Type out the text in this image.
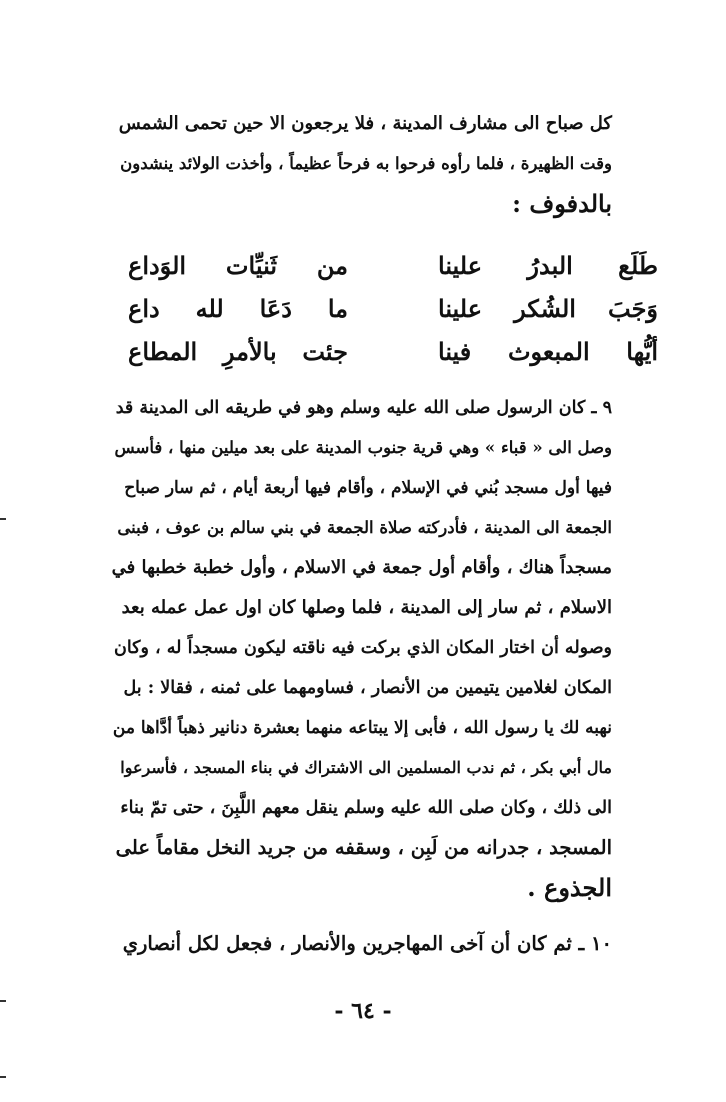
كل صباح الى مشارف المدينة ، فلا يرجعون الا حين تحمى الشمس
وقت الظهيرة ، فلما رأوه فرحوا به فرحاً عظيماً ، وأخذت الولائد ينشدون
بالدفوف :
طَلَع البدرُ علينا
من ثَنيِّات الوَداع
وَجَبَ الشُكر علينا
ما دَعَا لله داع
أيُّها المبعوث فينا
جئت بالأمرِ المطاع
٩ ـ كان الرسول صلى الله عليه وسلم وهو في طريقه الى المدينة قد
وصل الى « قباء » وهي قرية جنوب المدينة على بعد ميلين منها ، فأسس
فيها أول مسجد بُني في الإسلام ، وأقام فيها أربعة أيام ، ثم سار صباح
الجمعة الى المدينة ، فأدركته صلاة الجمعة في بني سالم بن عوف ، فبنى
مسجداً هناك ، وأقام أول جمعة في الاسلام ، وأول خطبة خطبها في
الاسلام ، ثم سار إلى المدينة ، فلما وصلها كان اول عمل عمله بعد
وصوله أن اختار المكان الذي بركت فيه ناقته ليكون مسجداً له ، وكان
المكان لغلامين يتيمين من الأنصار ، فساومهما على ثمنه ، فقالا : بل
نهبه لك يا رسول الله ، فأبى إلا يبتاعه منهما بعشرة دنانير ذهباً أدَّاها من
مال أبي بكر ، ثم ندب المسلمين الى الاشتراك في بناء المسجد ، فأسرعوا
الى ذلك ، وكان صلى الله عليه وسلم ينقل معهم اللَّبِنَ ، حتى تمّ بناء
المسجد ، جدرانه من لَبِن ، وسقفه من جريد النخل مقاماً على
الجذوع .
١٠ ـ ثم كان أن آخى المهاجرين والأنصار ، فجعل لكل أنصاري
- ٦٤ -
